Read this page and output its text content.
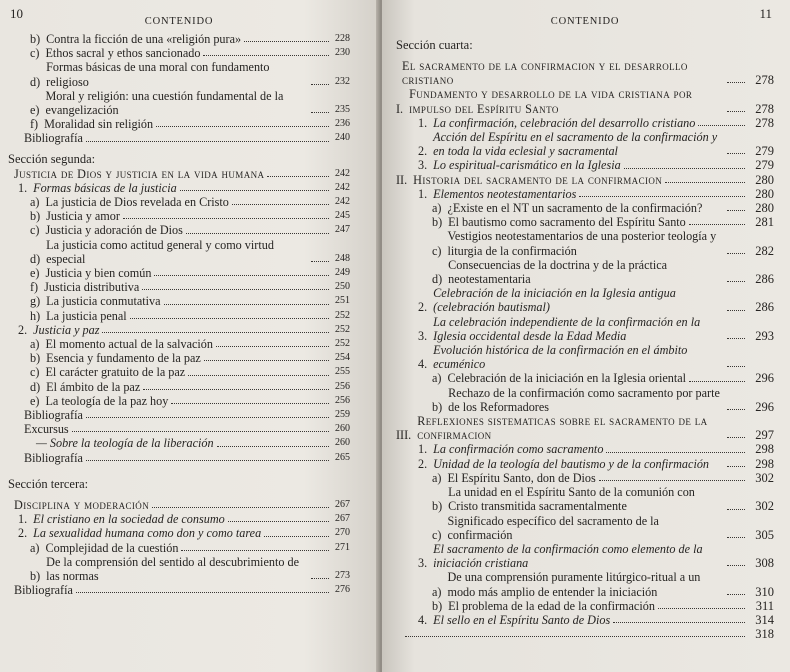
10
CONTENIDO
b) Contra la ficción de una «religión pura»	228
c) Ethos sacral y ethos sancionado	230
d)
Formas básicas de una moral con fundamento religioso	232
e)
Moral y religión: una cuestión fundamental de la evangelización	235
f) Moralidad sin religión	236
Bibliografía	240
Sección segunda:
Justicia de Dios y justicia en la vida humana	242
1. Formas básicas de la justicia	242
a) La justicia de Dios revelada en Cristo	242
b) Justicia y amor	245
c) Justicia y adoración de Dios	247
d)
La justicia como actitud general y como virtud especial	248
e) Justicia y bien común	249
f) Justicia distributiva	250
g) La justicia conmutativa	251
h) La justicia penal	252
2. Justicia y paz	252
a) El momento actual de la salvación	252
b) Esencia y fundamento de la paz	254
c) El carácter gratuito de la paz	255
d) El ámbito de la paz	256
e) La teología de la paz hoy	256
Bibliografía	259
Excursus	260
— Sobre la teología de la liberación	260
Bibliografía	265
Sección tercera:
Disciplina y moderación	267
1. El cristiano en la sociedad de consumo	267
2. La sexualidad humana como don y como tarea	270
a) Complejidad de la cuestión	271
b)
De la comprensión del sentido al descubrimiento de las normas	273
Bibliografía	276
CONTENIDO
11
Sección cuarta:
El sacramento de la confirmacion y el desarrollo cristiano	278
I.
Fundamento y desarrollo de la vida cristiana por impulso del Espíritu Santo	278
1. La confirmación, celebración del desarrollo cristiano	278
2.
Acción del Espíritu en el sacramento de la confirmación y en toda la vida eclesial y sacramental	279
3. Lo espiritual-carismático en la Iglesia	279
II. Historia del sacramento de la confirmacion	280
1. Elementos neotestamentarios	280
a) ¿Existe en el NT un sacramento de la confirmación?	280
b) El bautismo como sacramento del Espíritu Santo	281
c)
Vestigios neotestamentarios de una posterior teología y liturgia de la confirmación	282
d)
Consecuencias de la doctrina y de la práctica neotestamentaria	286
2.
Celebración de la iniciación en la Iglesia antigua (celebración bautismal)	286
3.
La celebración independiente de la confirmación en la Iglesia occidental desde la Edad Media	293
4.
Evolución histórica de la confirmación en el ámbito ecuménico
a) Celebración de la iniciación en la Iglesia oriental	296
b)
Rechazo de la confirmación como sacramento por parte de los Reformadores	296
III.
Reflexiones sistematicas sobre el sacramento de la confirmacion	297
1. La confirmación como sacramento	298
2. Unidad de la teología del bautismo y de la confirmación	298
a) El Espíritu Santo, don de Dios	302
b)
La unidad en el Espíritu Santo de la comunión con Cristo transmitida sacramentalmente	302
c)
Significado específico del sacramento de la confirmación	305
3.
El sacramento de la confirmación como elemento de la iniciación cristiana	308
a)
De una comprensión puramente litúrgico-ritual a un modo más amplio de entender la iniciación	310
b) El problema de la edad de la confirmación	311
4. El sello en el Espíritu Santo de Dios	314
318
